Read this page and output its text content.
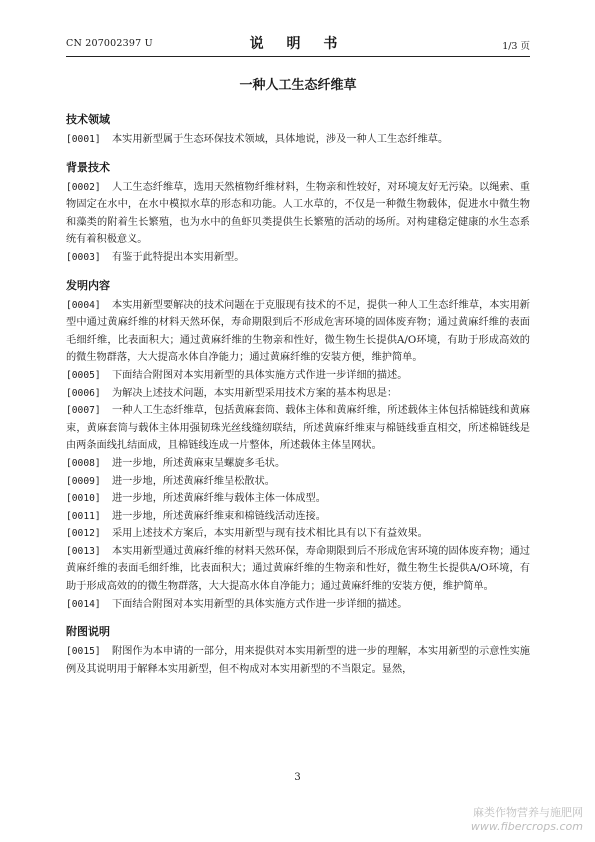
CN 207002397 U	说 明 书	1/3 页
一种人工生态纤维草
技术领域

[0001] 本实用新型属于生态环保技术领域，具体地说，涉及一种人工生态纤维草。

背景技术

[0002] 人工生态纤维草，选用天然植物纤维材料，生物亲和性较好，对环境友好无污染。以绳索、重物固定在水中，在水中模拟水草的形态和功能。人工水草的，不仅是一种微生物载体，促进水中微生物和藻类的附着生长繁殖，也为水中的鱼虾贝类提供生长繁殖的活动的场所。对构建稳定健康的水生态系统有着积极意义。

[0003] 有鉴于此特提出本实用新型。

发明内容

[0004] 本实用新型要解决的技术问题在于克服现有技术的不足，提供一种人工生态纤维草，本实用新型中通过黄麻纤维的材料天然环保，寿命期限到后不形成危害环境的固体废弃物；通过黄麻纤维的表面毛细纤维，比表面积大；通过黄麻纤维的生物亲和性好，微生物生长提供A/O环境，有助于形成高效的的微生物群落，大大提高水体自净能力；通过黄麻纤维的安装方便，维护简单。

[0005] 下面结合附图对本实用新型的具体实施方式作进一步详细的描述。

[0006] 为解决上述技术问题，本实用新型采用技术方案的基本构思是：

[0007] 一种人工生态纤维草，包括黄麻套筒、载体主体和黄麻纤维，所述载体主体包括棉链线和黄麻束，黄麻套筒与载体主体用强韧珠光丝线缝纫联结，所述黄麻纤维束与棉链线垂直相交，所述棉链线是由两条面线扎结面成，且棉链线连成一片整体，所述载体主体呈网状。

[0008] 进一步地，所述黄麻束呈螺旋多毛状。

[0009] 进一步地，所述黄麻纤维呈松散状。

[0010] 进一步地，所述黄麻纤维与载体主体一体成型。

[0011] 进一步地，所述黄麻纤维束和棉链线活动连接。

[0012] 采用上述技术方案后，本实用新型与现有技术相比具有以下有益效果。

[0013] 本实用新型通过黄麻纤维的材料天然环保，寿命期限到后不形成危害环境的固体废弃物；通过黄麻纤维的表面毛细纤维，比表面积大；通过黄麻纤维的生物亲和性好，微生物生长提供A/O环境，有助于形成高效的的微生物群落，大大提高水体自净能力；通过黄麻纤维的安装方便，维护简单。

[0014] 下面结合附图对本实用新型的具体实施方式作进一步详细的描述。

附图说明

[0015] 附图作为本申请的一部分，用来提供对本实用新型的进一步的理解，本实用新型的示意性实施例及其说明用于解释本实用新型，但不构成对本实用新型的不当限定。显然，

3
麻类作物营养与施肥网
www.fibercrops.com
